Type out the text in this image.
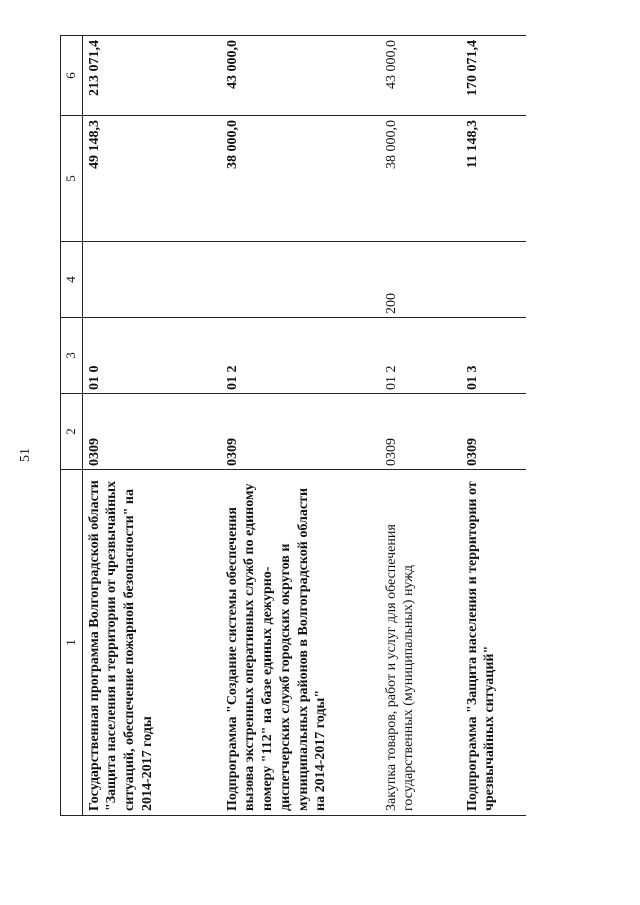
51
1	2	3	4	5	6
Государственная программа Волгоградской области "Защита населения и территории от чрезвычайных ситуаций, обеспечение пожарной безопасности" на 2014-2017 годы	0309	01 0		49 148,3	213 071,4
Подпрограмма "Создание системы обеспечения вызова экстренных оперативных служб по единому номеру "112" на базе единых дежурно-диспетчерских служб городских округов и муниципальных районов в Волгоградской области на 2014-2017 годы"	0309	01 2		38 000,0	43 000,0
Закупка товаров, работ и услуг для обеспечения государственных (муниципальных) нужд	0309	01 2	200	38 000,0	43 000,0
Подпрограмма "Защита населения и территории от чрезвычайных ситуаций"	0309	01 3		11 148,3	170 071,4
